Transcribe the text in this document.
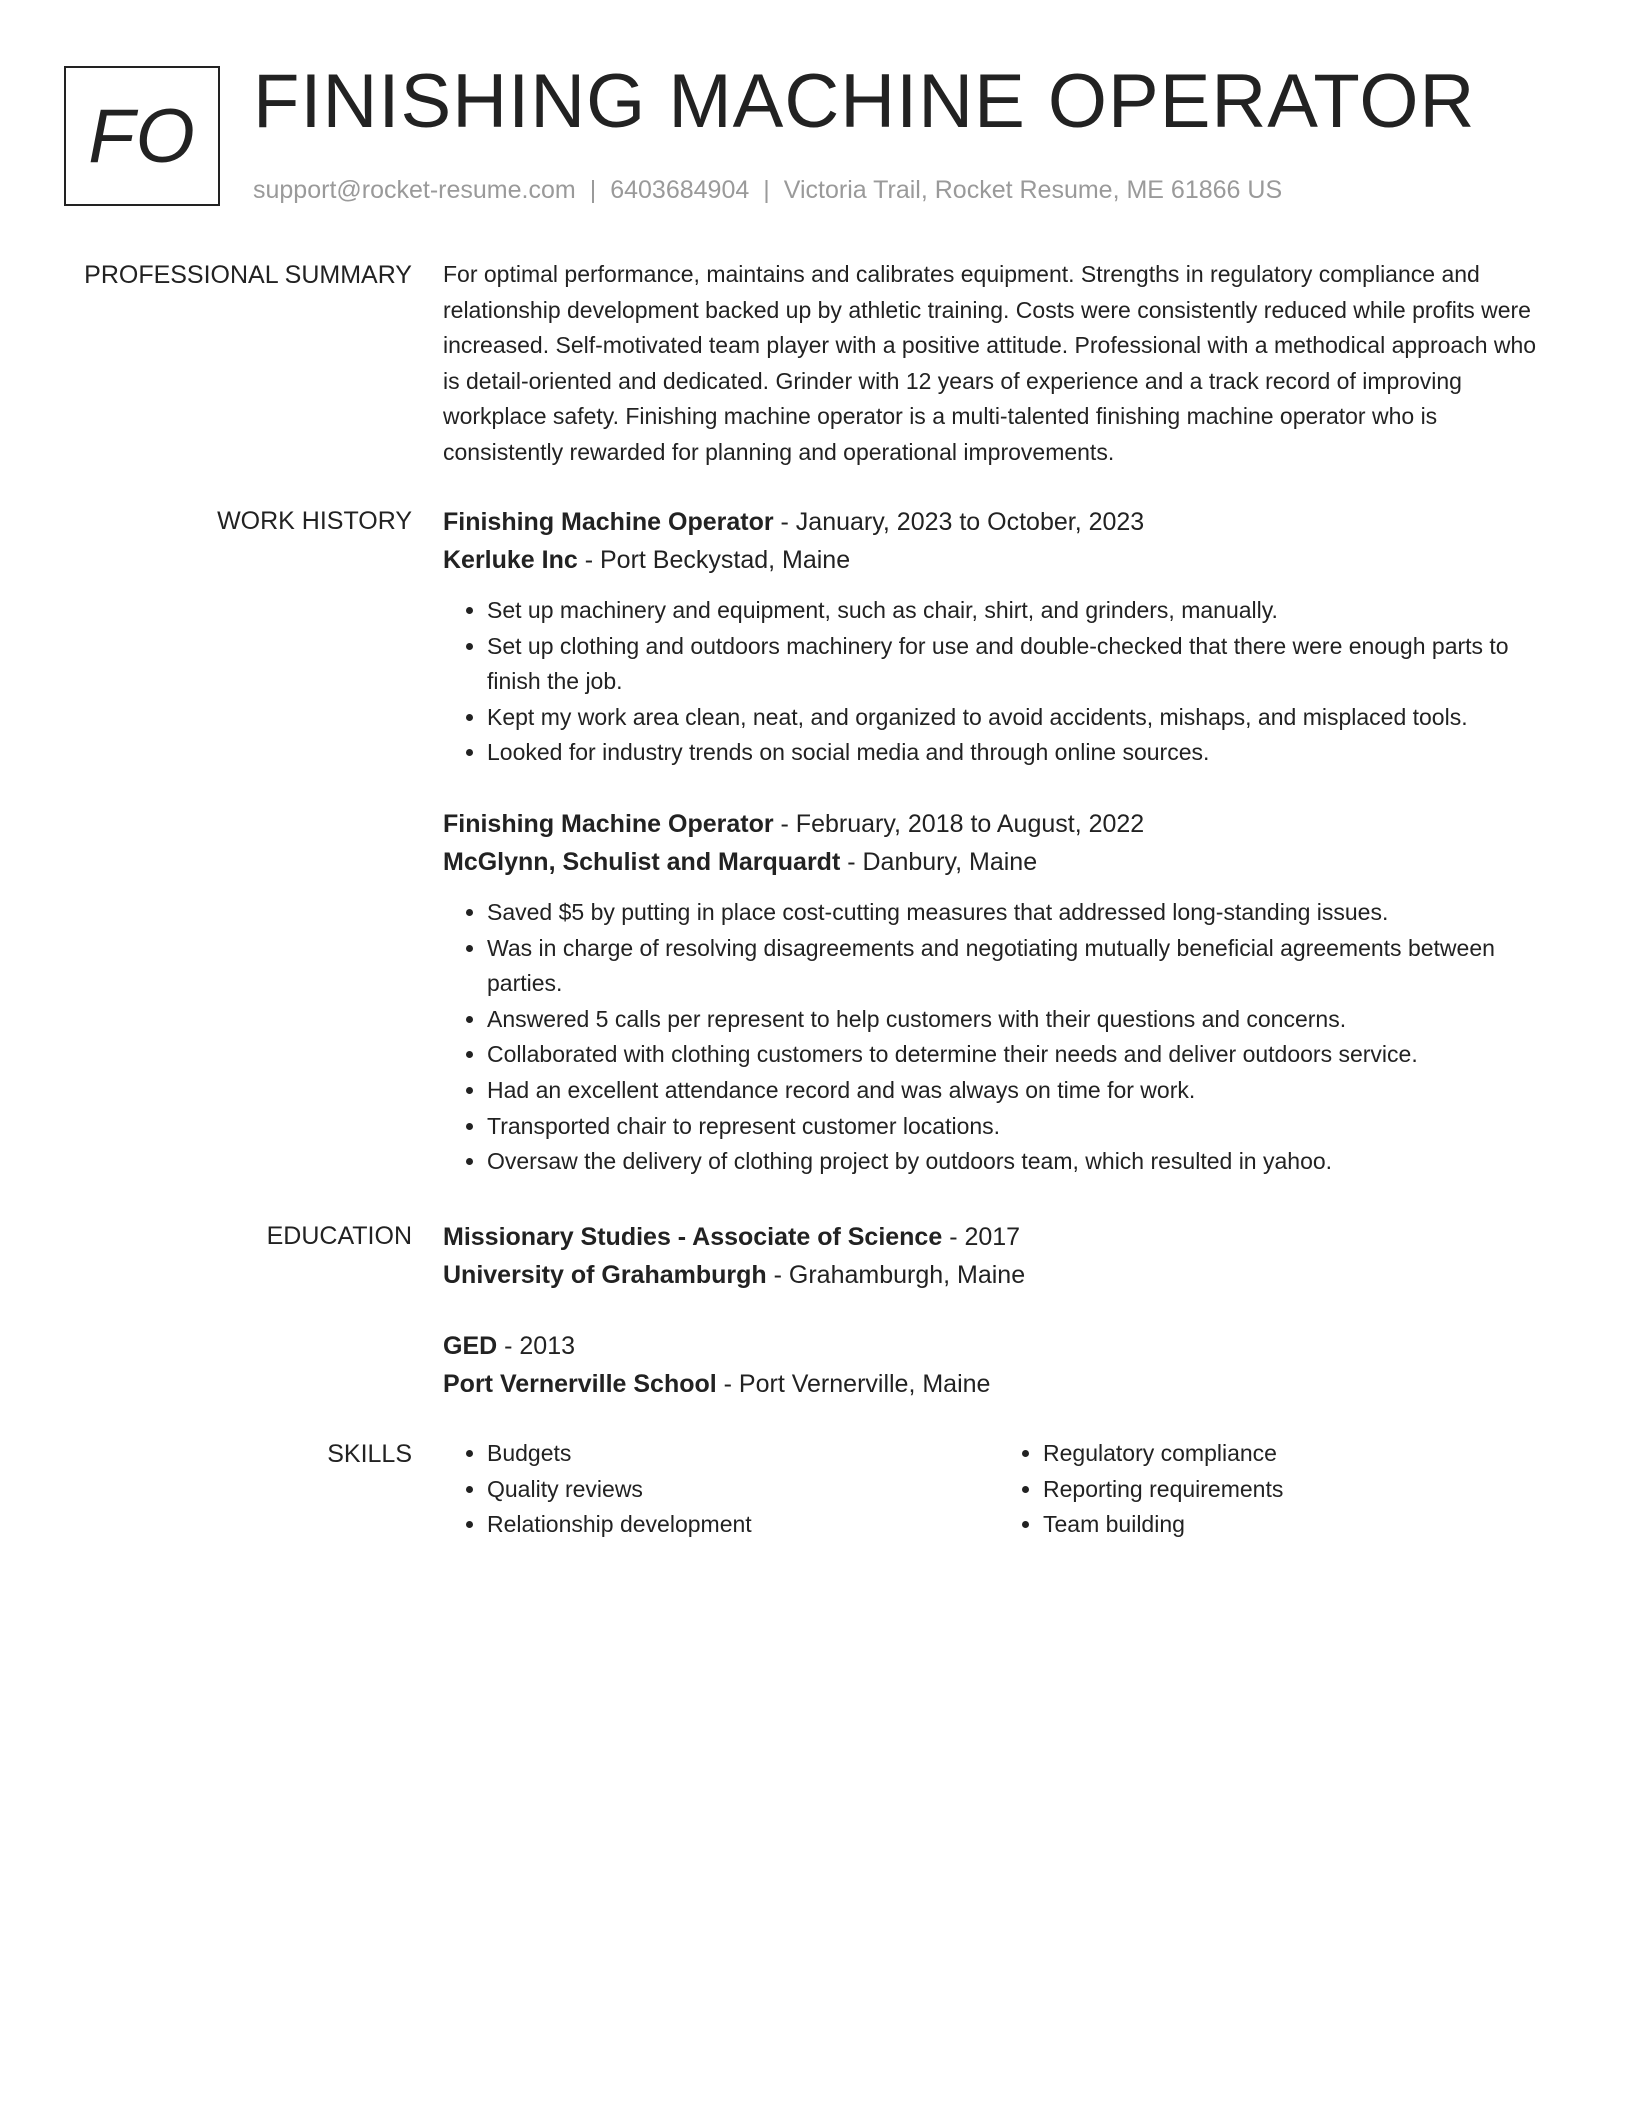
FO FINISHING MACHINE OPERATOR
support@rocket-resume.com | 6403684904 | Victoria Trail, Rocket Resume, ME 61866 US
PROFESSIONAL SUMMARY For optimal performance, maintains and calibrates equipment. Strengths in regulatory compliance and relationship development backed up by athletic training. Costs were consistently reduced while profits were increased. Self-motivated team player with a positive attitude. Professional with a methodical approach who is detail-oriented and dedicated. Grinder with 12 years of experience and a track record of improving workplace safety. Finishing machine operator is a multi-talented finishing machine operator who is consistently rewarded for planning and operational improvements.

WORK HISTORY Finishing Machine Operator - January, 2023 to October, 2023
Kerluke Inc - Port Beckystad, Maine
• Set up machinery and equipment, such as chair, shirt, and grinders, manually.
• Set up clothing and outdoors machinery for use and double-checked that there were enough parts to finish the job.
• Kept my work area clean, neat, and organized to avoid accidents, mishaps, and misplaced tools.
• Looked for industry trends on social media and through online sources.
Finishing Machine Operator - February, 2018 to August, 2022
McGlynn, Schulist and Marquardt - Danbury, Maine
• Saved $5 by putting in place cost-cutting measures that addressed long-standing issues.
• Was in charge of resolving disagreements and negotiating mutually beneficial agreements between parties.
• Answered 5 calls per represent to help customers with their questions and concerns.
• Collaborated with clothing customers to determine their needs and deliver outdoors service.
• Had an excellent attendance record and was always on time for work.
• Transported chair to represent customer locations.
• Oversaw the delivery of clothing project by outdoors team, which resulted in yahoo.
EDUCATION Missionary Studies - Associate of Science - 2017
University of Grahamburgh - Grahamburgh, Maine
GED - 2013
Port Vernerville School - Port Vernerville, Maine
SKILLS
•	Budgets
• Quality reviews
• Relationship development
• Regulatory compliance
• Reporting requirements
• Team building
